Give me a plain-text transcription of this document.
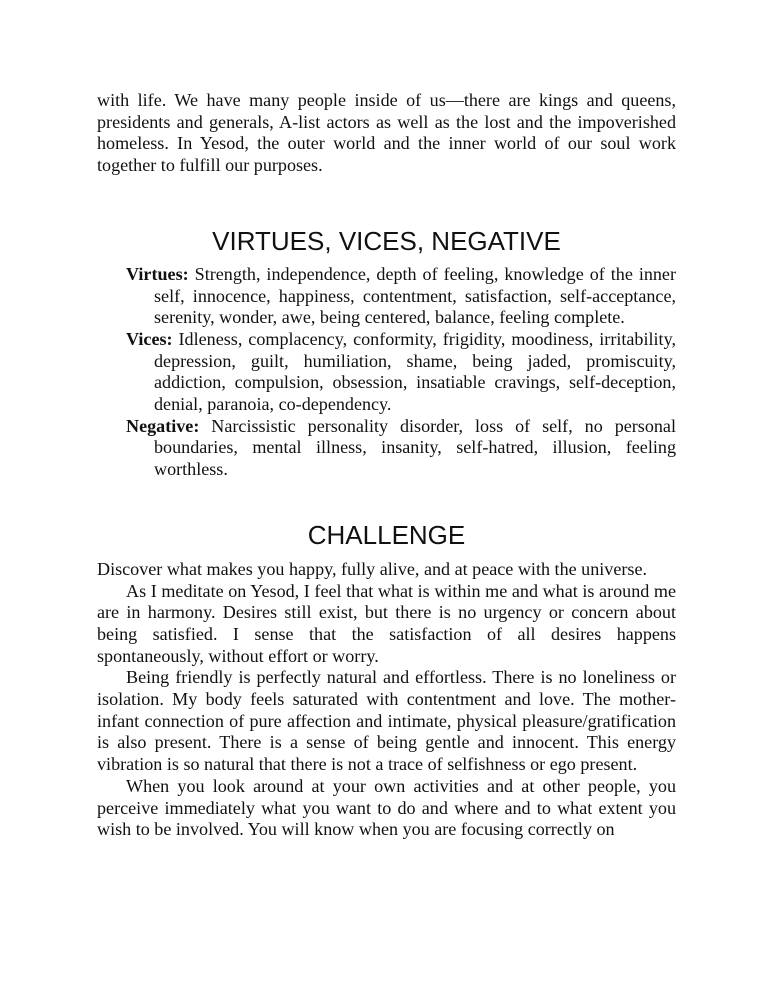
with life. We have many people inside of us—there are kings and queens, presidents and generals, A-list actors as well as the lost and the impoverished homeless. In Yesod, the outer world and the inner world of our soul work together to fulfill our purposes.

VIRTUES, VICES, NEGATIVE
Virtues: Strength, independence, depth of feeling, knowledge of the inner self, innocence, happiness, contentment, satisfaction, self-acceptance, serenity, wonder, awe, being centered, balance, feeling complete.
Vices: Idleness, complacency, conformity, frigidity, moodiness, irritability, depression, guilt, humiliation, shame, being jaded, promiscuity, addiction, compulsion, obsession, insatiable cravings, self-deception, denial, paranoia, co-dependency.
Negative: Narcissistic personality disorder, loss of self, no personal boundaries, mental illness, insanity, self-hatred, illusion, feeling worthless.
CHALLENGE

Discover what makes you happy, fully alive, and at peace with the universe.

As I meditate on Yesod, I feel that what is within me and what is around me are in harmony. Desires still exist, but there is no urgency or concern about being satisfied. I sense that the satisfaction of all desires happens spontaneously, without effort or worry.

Being friendly is perfectly natural and effortless. There is no loneliness or isolation. My body feels saturated with contentment and love. The mother-infant connection of pure affection and intimate, physical pleasure/gratification is also present. There is a sense of being gentle and innocent. This energy vibration is so natural that there is not a trace of selfishness or ego present.

When you look around at your own activities and at other people, you perceive immediately what you want to do and where and to what extent you wish to be involved. You will know when you are focusing correctly on
